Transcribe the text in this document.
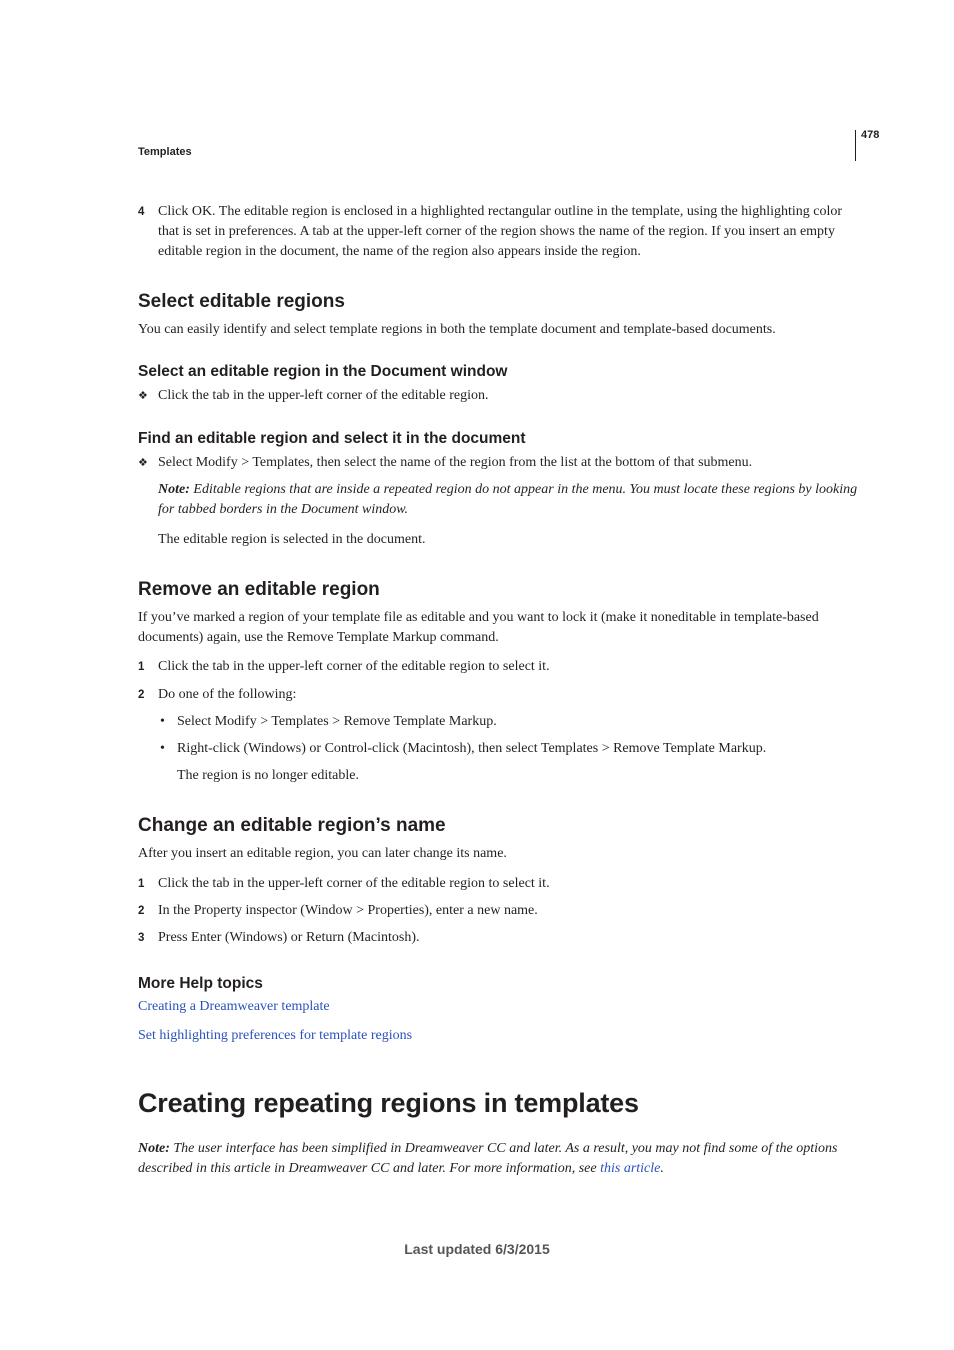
Templates
478
4 Click OK. The editable region is enclosed in a highlighted rectangular outline in the template, using the highlighting color that is set in preferences. A tab at the upper-left corner of the region shows the name of the region. If you insert an empty editable region in the document, the name of the region also appears inside the region.
Select editable regions
You can easily identify and select template regions in both the template document and template-based documents.
Select an editable region in the Document window
❖ Click the tab in the upper-left corner of the editable region.
Find an editable region and select it in the document
❖ Select Modify > Templates, then select the name of the region from the list at the bottom of that submenu.
Note: Editable regions that are inside a repeated region do not appear in the menu. You must locate these regions by looking for tabbed borders in the Document window.
The editable region is selected in the document.
Remove an editable region
If you’ve marked a region of your template file as editable and you want to lock it (make it noneditable in template-based documents) again, use the Remove Template Markup command.
1 Click the tab in the upper-left corner of the editable region to select it.
2 Do one of the following:
• Select Modify > Templates > Remove Template Markup.
• Right-click (Windows) or Control-click (Macintosh), then select Templates > Remove Template Markup.
The region is no longer editable.
Change an editable region’s name
After you insert an editable region, you can later change its name.
1 Click the tab in the upper-left corner of the editable region to select it.
2 In the Property inspector (Window > Properties), enter a new name.
3 Press Enter (Windows) or Return (Macintosh).
More Help topics
Creating a Dreamweaver template
Set highlighting preferences for template regions
Creating repeating regions in templates
Note: The user interface has been simplified in Dreamweaver CC and later. As a result, you may not find some of the options described in this article in Dreamweaver CC and later. For more information, see this article.
Last updated 6/3/2015
